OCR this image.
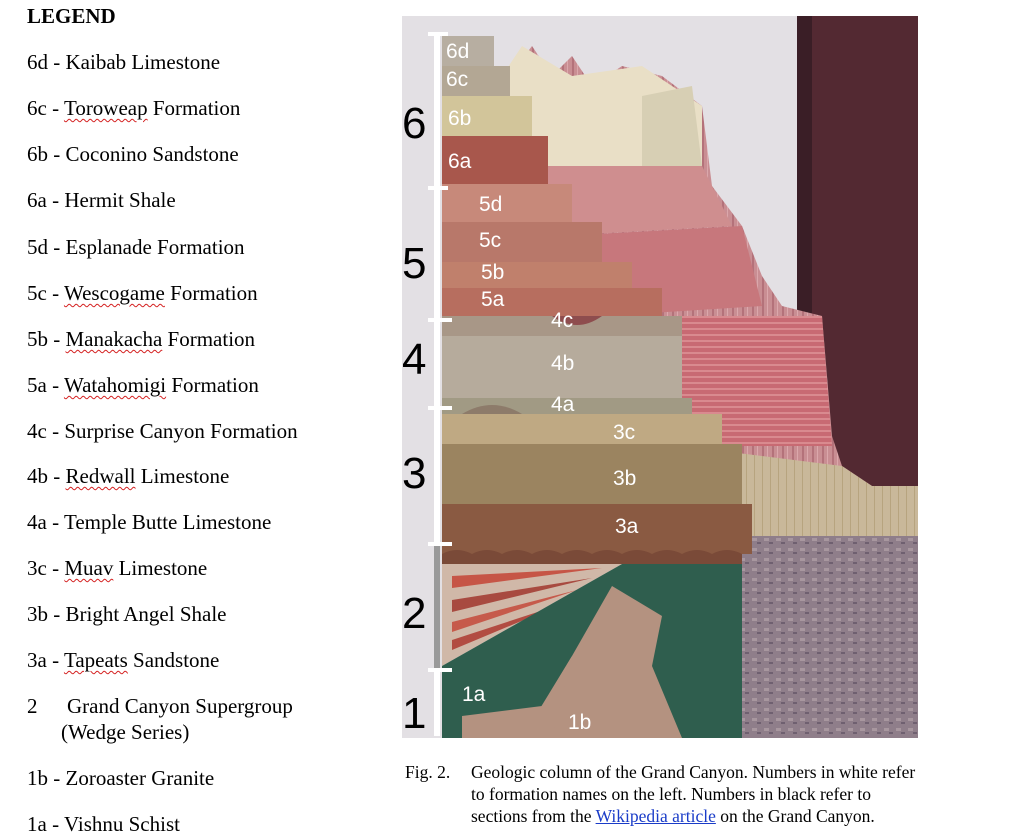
LEGEND
6d - Kaibab Limestone
6c - Toroweap Formation
6b - Coconino Sandstone
6a - Hermit Shale
5d - Esplanade Formation
5c - Wescogame Formation
5b - Manakacha Formation
5a - Watahomigi Formation
4c - Surprise Canyon Formation
4b - Redwall Limestone
4a - Temple Butte Limestone
3c - Muav Limestone
3b - Bright Angel Shale
3a - Tapeats Sandstone
2 Grand Canyon Supergroup
(Wedge Series)
1b - Zoroaster Granite
1a - Vishnu Schist
6d
6c
6b
6a
5d
5c
5b
5a
4c
4b
4a
3c
3b
3a
1a
1b
6
5
4
3
2
1
Fig. 2. Geologic column of the Grand Canyon. Numbers in white refer to formation names on the left. Numbers in black refer to sections from the Wikipedia article on the Grand Canyon.
